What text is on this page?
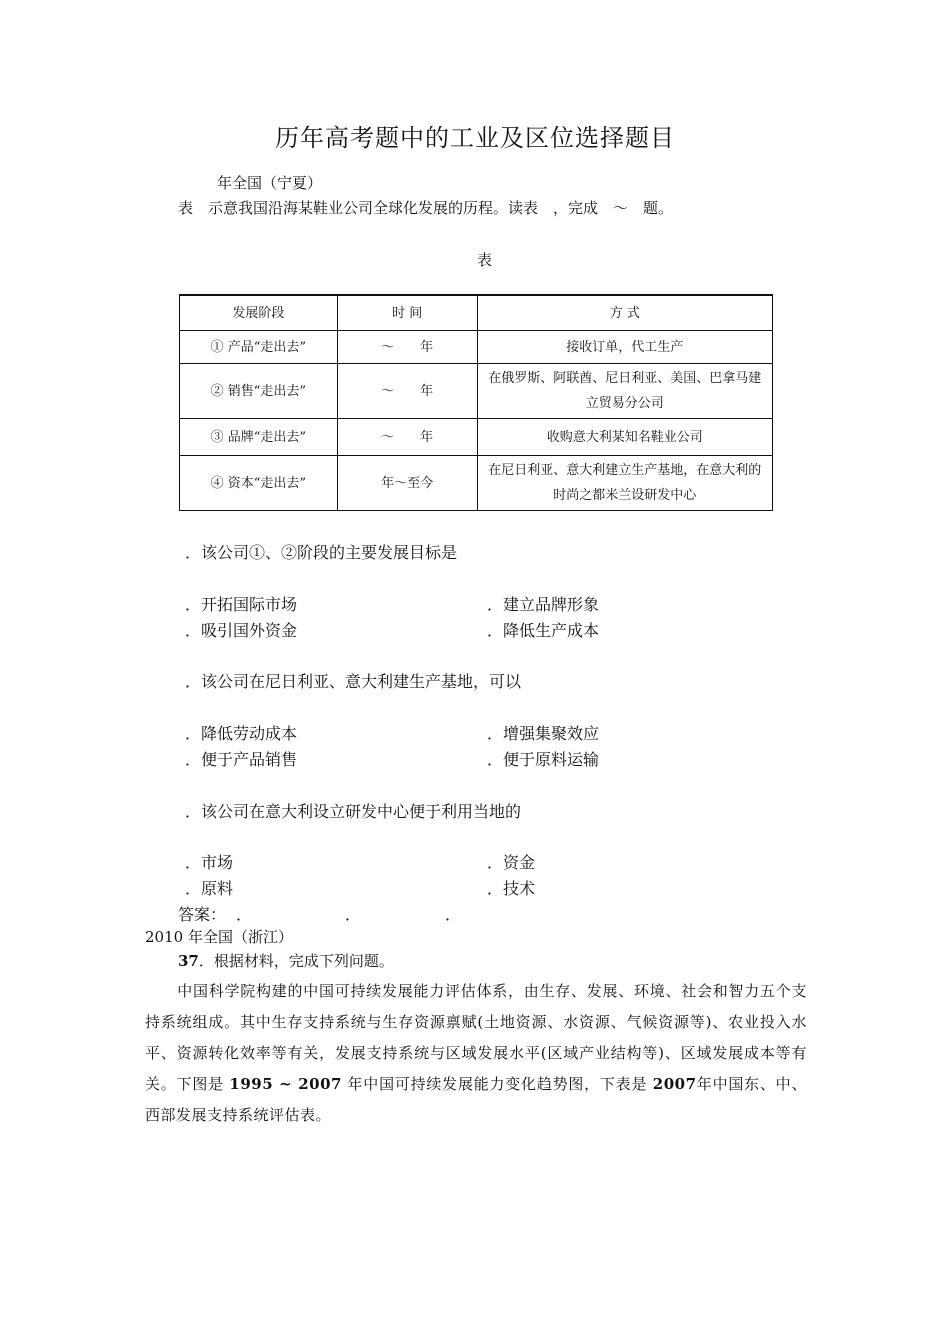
历年高考题中的工业及区位选择题目
年全国（宁夏）
表　示意我国沿海某鞋业公司全球化发展的历程。读表　，完成　～　题。
表
发展阶段	时 间	方 式
① 产品“走出去”	～　　年	接收订单，代工生产
② 销售“走出去”	～　　年	在俄罗斯、阿联酋、尼日利亚、美国、巴拿马建立贸易分公司
③ 品牌“走出去”	～　　年	收购意大利某知名鞋业公司
④ 资本“走出去”	年～至今	在尼日利亚、意大利建立生产基地，在意大利的时尚之都米兰设研发中心
．该公司①、②阶段的主要发展目标是
．开拓国际市场	．建立品牌形象
．吸引国外资金	．降低生产成本
．该公司在尼日利亚、意大利建生产基地，可以
．降低劳动成本	．增强集聚效应
．便于产品销售	．便于原料运输
．该公司在意大利设立研发中心便于利用当地的
．市场	．资金
．原料	．技术
答案： ．	．	．
2010 年全国（浙江）
37．根据材料，完成下列问题。
中国科学院构建的中国可持续发展能力评估体系，由生存、发展、环境、社会和智力五个支持系统组成。其中生存支持系统与生存资源禀赋(土地资源、水资源、气候资源等)、农业投入水平、资源转化效率等有关，发展支持系统与区域发展水平(区域产业结构等)、区域发展成本等有关。下图是 1995 ~ 2007 年中国可持续发展能力变化趋势图，下表是 2007年中国东、中、西部发展支持系统评估表。
